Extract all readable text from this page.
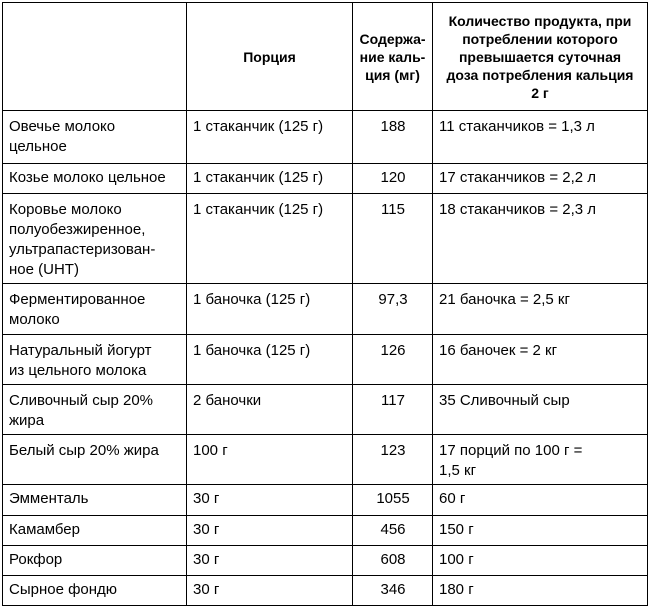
	Порция	Содержа-
ние каль-
ция (мг)	Количество продукта, при
потреблении которого
превышается суточная
доза потребления кальция
2 г
Овечье молоко
цельное	1 стаканчик (125 г)	188	11 стаканчиков = 1,3 л
Козье молоко цельное	1 стаканчик (125 г)	120	17 стаканчиков = 2,2 л
Коровье молоко
полуобезжиренное,
ультрапастеризован-
ное (UHT)	1 стаканчик (125 г)	115	18 стаканчиков = 2,3 л
Ферментированное
молоко	1 баночка (125 г)	97,3	21 баночка = 2,5 кг
Натуральный йогурт
из цельного молока	1 баночка (125 г)	126	16 баночек = 2 кг
Сливочный сыр 20%
жира	2 баночки	117	35 Сливочный сыр
Белый сыр 20% жира	100 г	123	17 порций по 100 г =
1,5 кг
Эмменталь	30 г	1055	60 г
Камамбер	30 г	456	150 г
Рокфор	30 г	608	100 г
Сырное фондю	30 г	346	180 г
